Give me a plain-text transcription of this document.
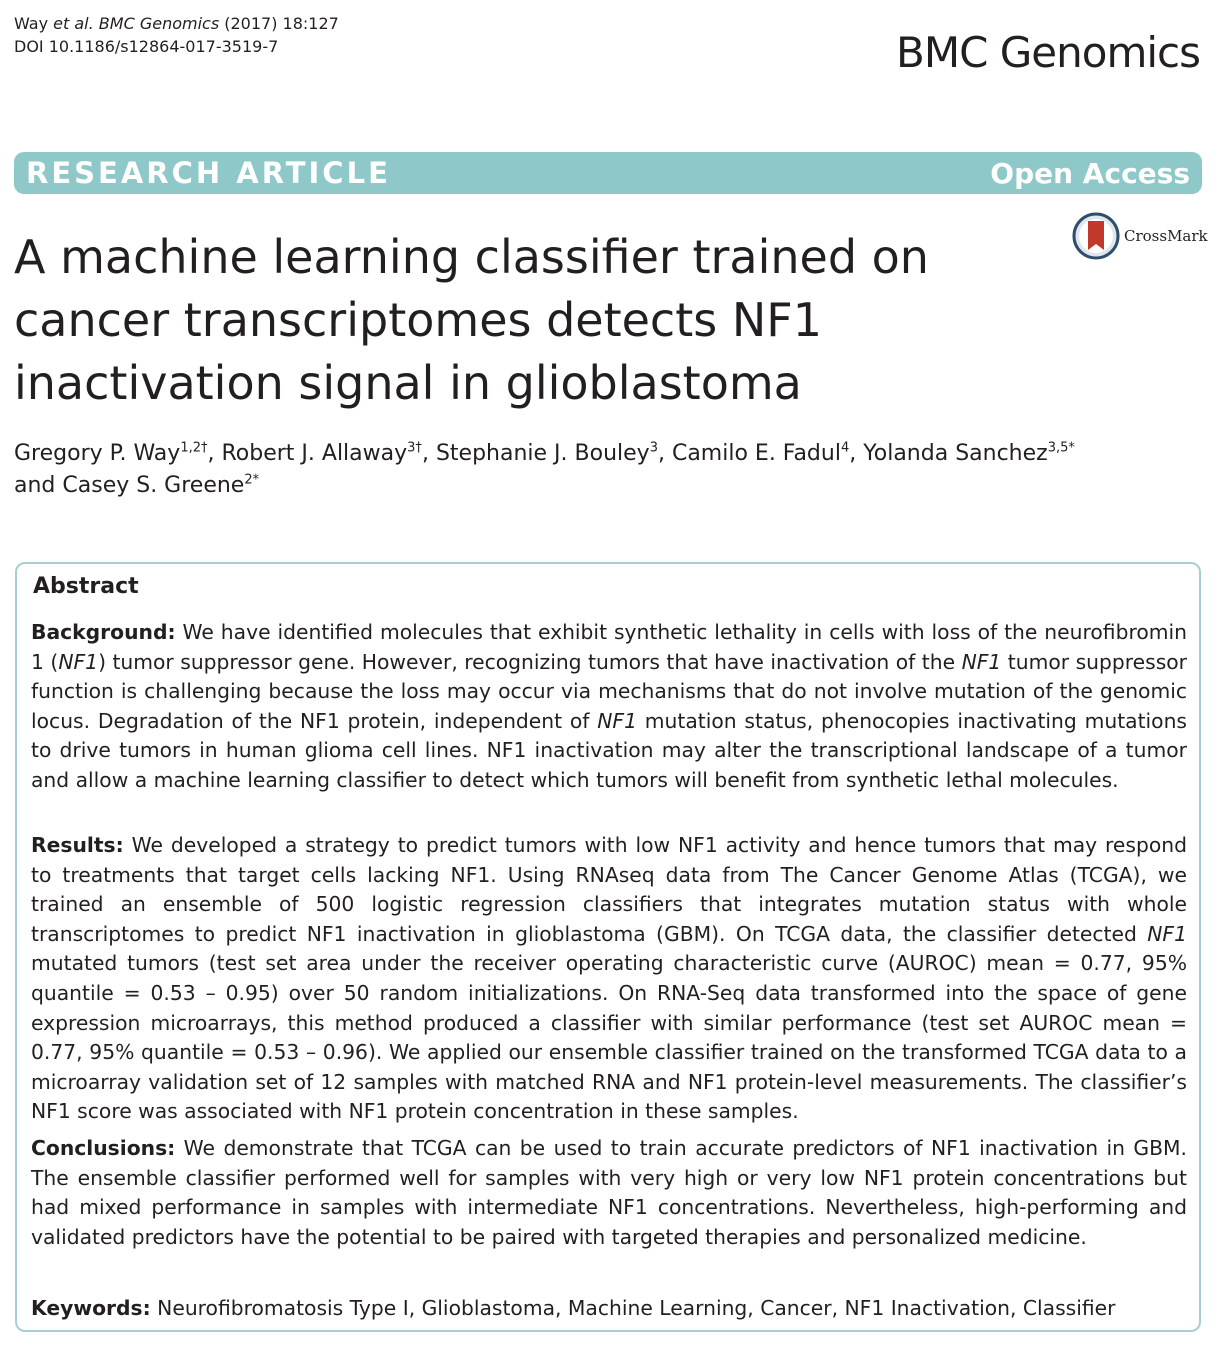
Way et al. BMC Genomics (2017) 18:127
DOI 10.1186/s12864-017-3519-7	BMC Genomics
RESEARCH ARTICLE	Open Access
CrossMark
A machine learning classifier trained on cancer transcriptomes detects NF1 inactivation signal in glioblastoma
Gregory P. Way$^{1,2\dagger}$, Robert J. Allaway$^{3\dagger}$, Stephanie J. Bouley$^3$, Camilo E. Fadul$^4$, Yolanda Sanchez$^{3,5*}$
and Casey S. Greene$^{2*}$
Abstract

Background: We have identified molecules that exhibit synthetic lethality in cells with loss of the neurofibromin 1 (NF1) tumor suppressor gene. However, recognizing tumors that have inactivation of the NF1 tumor suppressor function is challenging because the loss may occur via mechanisms that do not involve mutation of the genomic locus. Degradation of the NF1 protein, independent of NF1 mutation status, phenocopies inactivating mutations to drive tumors in human glioma cell lines. NF1 inactivation may alter the transcriptional landscape of a tumor and allow a machine learning classifier to detect which tumors will benefit from synthetic lethal molecules.

Results: We developed a strategy to predict tumors with low NF1 activity and hence tumors that may respond to treatments that target cells lacking NF1. Using RNAseq data from The Cancer Genome Atlas (TCGA), we trained an ensemble of 500 logistic regression classifiers that integrates mutation status with whole transcriptomes to predict NF1 inactivation in glioblastoma (GBM). On TCGA data, the classifier detected NF1 mutated tumors (test set area under the receiver operating characteristic curve (AUROC) mean = 0.77, 95% quantile = 0.53 – 0.95) over 50 random initializations. On RNA-Seq data transformed into the space of gene expression microarrays, this method produced a classifier with similar performance (test set AUROC mean = 0.77, 95% quantile = 0.53 – 0.96). We applied our ensemble classifier trained on the transformed TCGA data to a microarray validation set of 12 samples with matched RNA and NF1 protein-level measurements. The classifier’s NF1 score was associated with NF1 protein concentration in these samples.

Conclusions: We demonstrate that TCGA can be used to train accurate predictors of NF1 inactivation in GBM. The ensemble classifier performed well for samples with very high or very low NF1 protein concentrations but had mixed performance in samples with intermediate NF1 concentrations. Nevertheless, high-performing and validated predictors have the potential to be paired with targeted therapies and personalized medicine.

Keywords: Neurofibromatosis Type I, Glioblastoma, Machine Learning, Cancer, NF1 Inactivation, Classifier
